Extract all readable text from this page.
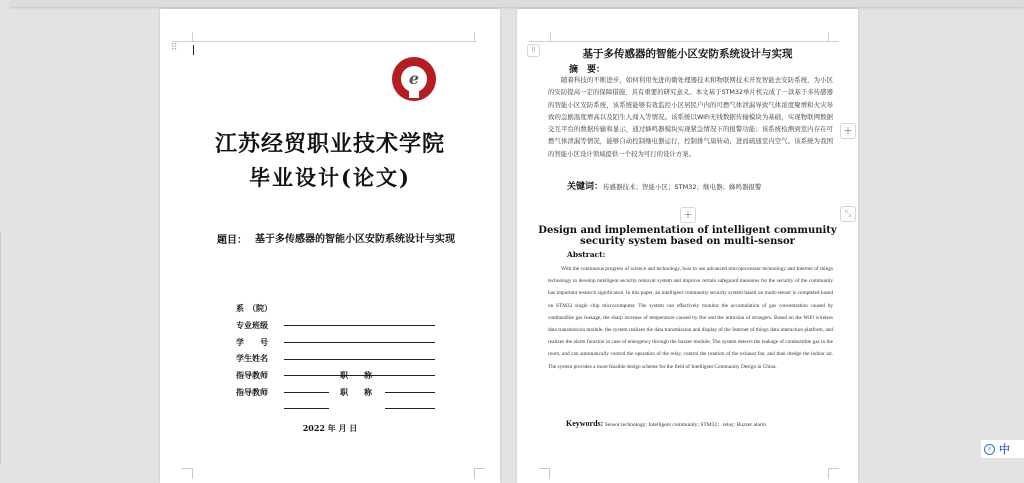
⠿
e
江苏经贸职业技术学院
毕业设计(论文)
题目： 基于多传感器的智能小区安防系统设计与实现
系　（院）
专业班级
学　　号
学生姓名
指导教师	职　　称
指导教师	职　　称
2022 年 月 日
⠿	基于多传感器的智能小区安防系统设计与实现
摘　要：
随着科技的不断进步，如何利用先进的微处理器技术和物联网技术开发智能去安防系统，为小区的安防提高一定的保障措施，具有重要的研究意义。本文基于STM32单片机完成了一款基于多传感器的智能小区安防系统，该系统能够有效监控小区居民户内的可燃气体泄漏导致气体浓度聚增和火灾导致的急剧温度增高以及陌生人闯入等情况。该系统以WiFi无线数据传输模块为基础，实现物联网数据交互平台的数据传输和显示，通过蜂鸣器模块实现紧急情况下的报警功能；该系统检测到室内存在可燃气体泄漏等情况，能够自动控制继电器运行，控制排气扇转动，进而疏通室内空气。该系统为我国的智能小区设计领域提供一个较为可行的设计方案。
关键词：传感器技术；智能小区；STM32；继电器；蜂鸣器报警
+
Design and implementation of intelligent community security system based on multi-sensor
Abstract:
With the continuous progress of science and technology, how to use advanced microprocessor technology and Internet of things technology to develop intelligent security removal system and improve certain safeguard measures for the security of the community has important research significance. In this paper, an intelligent community security system based on multi-sensor is completed based on STM32 single chip microcomputer. The system can effectively monitor the accumulation of gas concentration caused by combustible gas leakage, the sharp increase of temperature caused by fire and the intrusion of strangers. Based on the WiFi wireless data transmission module, the system realizes the data transmission and display of the Internet of things data interaction platform, and realizes the alarm function in case of emergency through the buzzer module; The system detects the leakage of combustible gas in the room, and can automatically control the operation of the relay, control the rotation of the exhaust fan, and then dredge the indoor air. The system provides a more feasible design scheme for the field of Intelligent Community Design in China.
Keywords: Sensor technology; Intelligent community; STM32；relay; Buzzer alarm
+
⤡
拼 中
